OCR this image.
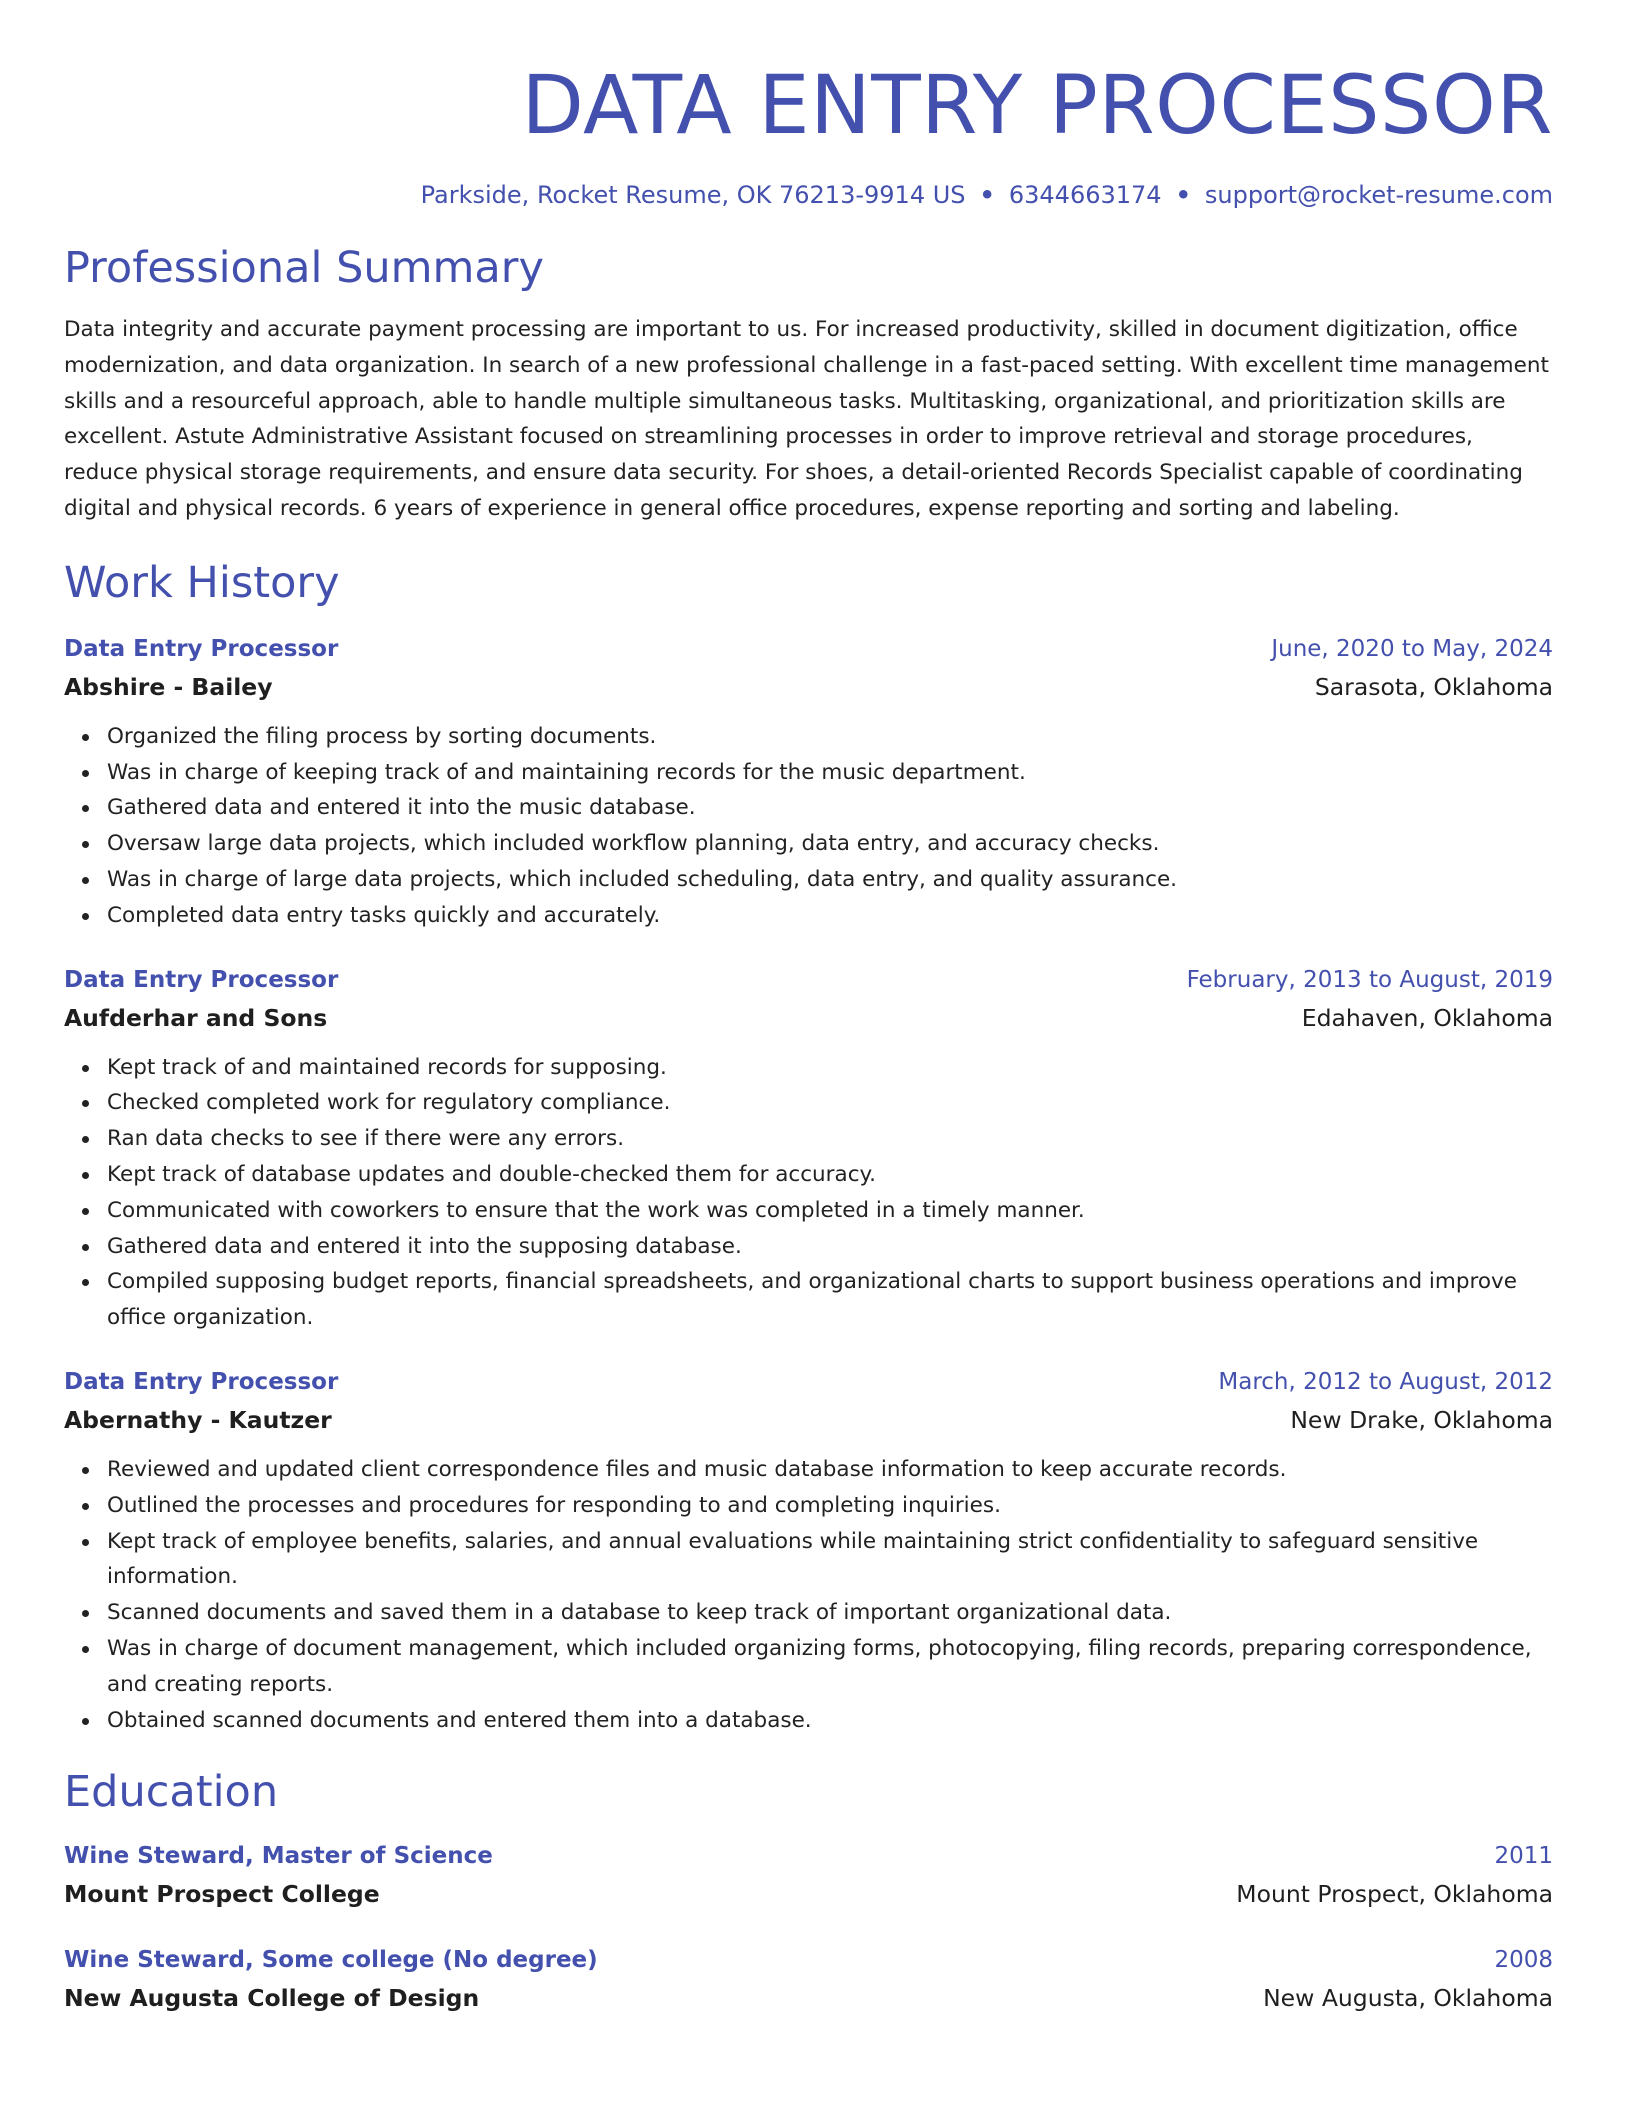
DATA ENTRY PROCESSOR
Parkside, Rocket Resume, OK 76213-9914 US • 6344663174 • support@rocket-resume.com
Professional Summary

Data integrity and accurate payment processing are important to us. For increased productivity, skilled in document digitization, office modernization, and data organization. In search of a new professional challenge in a fast-paced setting. With excellent time management skills and a resourceful approach, able to handle multiple simultaneous tasks. Multitasking, organizational, and prioritization skills are excellent. Astute Administrative Assistant focused on streamlining processes in order to improve retrieval and storage procedures, reduce physical storage requirements, and ensure data security. For shoes, a detail-oriented Records Specialist capable of coordinating digital and physical records. 6 years of experience in general office procedures, expense reporting and sorting and labeling.

Work History
Data Entry Processor	June, 2020 to May, 2024
Abshire - Bailey	Sarasota, Oklahoma
Organized the filing process by sorting documents.
Was in charge of keeping track of and maintaining records for the music department.
Gathered data and entered it into the music database.
Oversaw large data projects, which included workflow planning, data entry, and accuracy checks.
Was in charge of large data projects, which included scheduling, data entry, and quality assurance.
Completed data entry tasks quickly and accurately.
Data Entry Processor	February, 2013 to August, 2019
Aufderhar and Sons	Edahaven, Oklahoma
Kept track of and maintained records for supposing.
Checked completed work for regulatory compliance.
Ran data checks to see if there were any errors.
Kept track of database updates and double-checked them for accuracy.
Communicated with coworkers to ensure that the work was completed in a timely manner.
Gathered data and entered it into the supposing database.
Compiled supposing budget reports, financial spreadsheets, and organizational charts to support business operations and improve office organization.
Data Entry Processor	March, 2012 to August, 2012
Abernathy - Kautzer	New Drake, Oklahoma
Reviewed and updated client correspondence files and music database information to keep accurate records.
Outlined the processes and procedures for responding to and completing inquiries.
Kept track of employee benefits, salaries, and annual evaluations while maintaining strict confidentiality to safeguard sensitive information.
Scanned documents and saved them in a database to keep track of important organizational data.
Was in charge of document management, which included organizing forms, photocopying, filing records, preparing correspondence, and creating reports.
Obtained scanned documents and entered them into a database.
Education
Wine Steward, Master of Science	2011
Mount Prospect College	Mount Prospect, Oklahoma
Wine Steward, Some college (No degree)	2008
New Augusta College of Design	New Augusta, Oklahoma
